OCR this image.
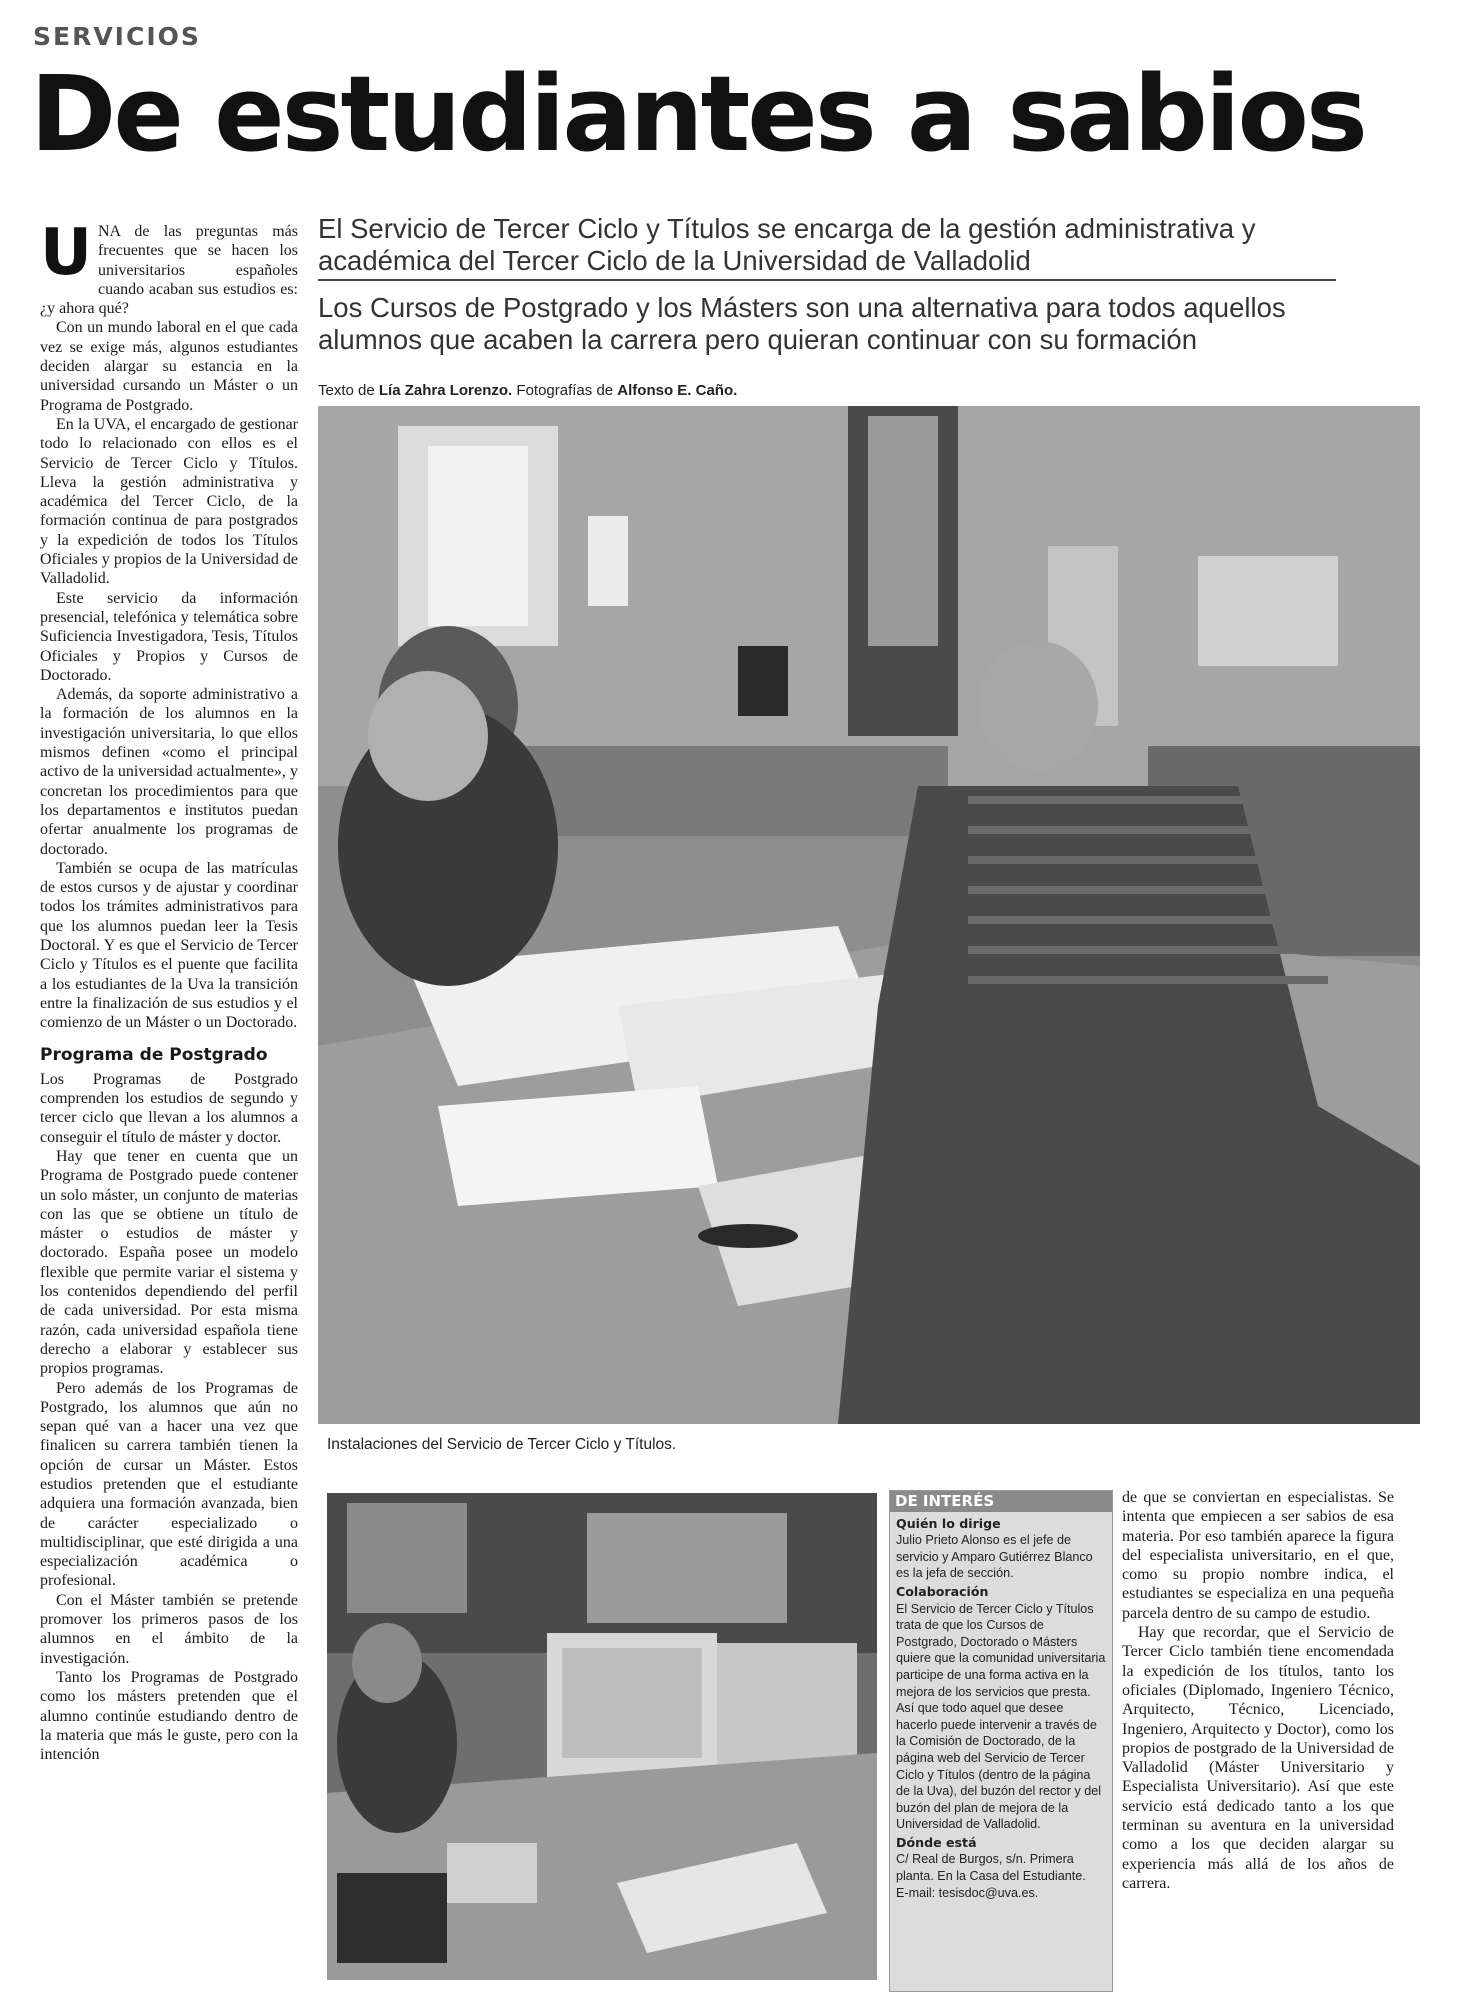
SERVICIOS
De estudiantes a sabios
El Servicio de Tercer Ciclo y Títulos se encarga de la gestión administrativa y académica del Tercer Ciclo de la Universidad de Valladolid
Los Cursos de Postgrado y los Másters son una alternativa para todos aquellos alumnos que acaben la carrera pero quieran continuar con su formación
Texto de Lía Zahra Lorenzo. Fotografías de Alfonso E. Caño.
U NA de las preguntas más frecuentes que se hacen los universitarios españoles cuando acaban sus estudios es: ¿y ahora qué?

Con un mundo laboral en el que cada vez se exige más, algunos estudiantes deciden alargar su estancia en la universidad cursando un Máster o un Programa de Postgrado.

En la UVA, el encargado de gestionar todo lo relacionado con ellos es el Servicio de Tercer Ciclo y Títulos. Lleva la gestión administrativa y académica del Tercer Ciclo, de la formación continua de para postgrados y la expedición de todos los Títulos Oficiales y propios de la Universidad de Valladolid.

Este servicio da información presencial, telefónica y telemática sobre Suficiencia Investigadora, Tesis, Títulos Oficiales y Propios y Cursos de Doctorado.

Además, da soporte administrativo a la formación de los alumnos en la investigación universitaria, lo que ellos mismos definen «como el principal activo de la universidad actualmente», y concretan los procedimientos para que los departamentos e institutos puedan ofertar anualmente los programas de doctorado.

También se ocupa de las matrículas de estos cursos y de ajustar y coordinar todos los trámites administrativos para que los alumnos puedan leer la Tesis Doctoral. Y es que el Servicio de Tercer Ciclo y Títulos es el puente que facilita a los estudiantes de la Uva la transición entre la finalización de sus estudios y el comienzo de un Máster o un Doctorado.

Programa de Postgrado

Los Programas de Postgrado comprenden los estudios de segundo y tercer ciclo que llevan a los alumnos a conseguir el título de máster y doctor.

Hay que tener en cuenta que un Programa de Postgrado puede contener un solo máster, un conjunto de materias con las que se obtiene un título de máster o estudios de máster y doctorado. España posee un modelo flexible que permite variar el sistema y los contenidos dependiendo del perfil de cada universidad. Por esta misma razón, cada universidad española tiene derecho a elaborar y establecer sus propios programas.

Pero además de los Programas de Postgrado, los alumnos que aún no sepan qué van a hacer una vez que finalicen su carrera también tienen la opción de cursar un Máster. Estos estudios pretenden que el estudiante adquiera una formación avanzada, bien de carácter especializado o multidisciplinar, que esté dirigida a una especialización académica o profesional.

Con el Máster también se pretende promover los primeros pasos de los alumnos en el ámbito de la investigación.

Tanto los Programas de Postgrado como los másters pretenden que el alumno continúe estudiando dentro de la materia que más le guste, pero con la intención

Instalaciones del Servicio de Tercer Ciclo y Títulos.
DE INTERÉS
Quién lo dirige

Julio Prieto Alonso es el jefe de servicio y Amparo Gutiérrez Blanco es la jefa de sección.

Colaboración

El Servicio de Tercer Ciclo y Títulos trata de que los Cursos de Postgrado, Doctorado o Másters quiere que la comunidad universitaria participe de una forma activa en la mejora de los servicios que presta. Así que todo aquel que desee hacerlo puede intervenir a través de la Comisión de Doctorado, de la página web del Servicio de Tercer Ciclo y Títulos (dentro de la página de la Uva), del buzón del rector y del buzón del plan de mejora de la Universidad de Valladolid.

Dónde está

C/ Real de Burgos, s/n. Primera planta. En la Casa del Estudiante.

E-mail: tesisdoc@uva.es.

de que se conviertan en especialistas. Se intenta que empiecen a ser sabios de esa materia. Por eso también aparece la figura del especialista universitario, en el que, como su propio nombre indica, el estudiantes se especializa en una pequeña parcela dentro de su campo de estudio.

Hay que recordar, que el Servicio de Tercer Ciclo también tiene encomendada la expedición de los títulos, tanto los oficiales (Diplomado, Ingeniero Técnico, Arquitecto, Técnico, Licenciado, Ingeniero, Arquitecto y Doctor), como los propios de postgrado de la Universidad de Valladolid (Máster Universitario y Especialista Universitario). Así que este servicio está dedicado tanto a los que terminan su aventura en la universidad como a los que deciden alargar su experiencia más allá de los años de carrera.
